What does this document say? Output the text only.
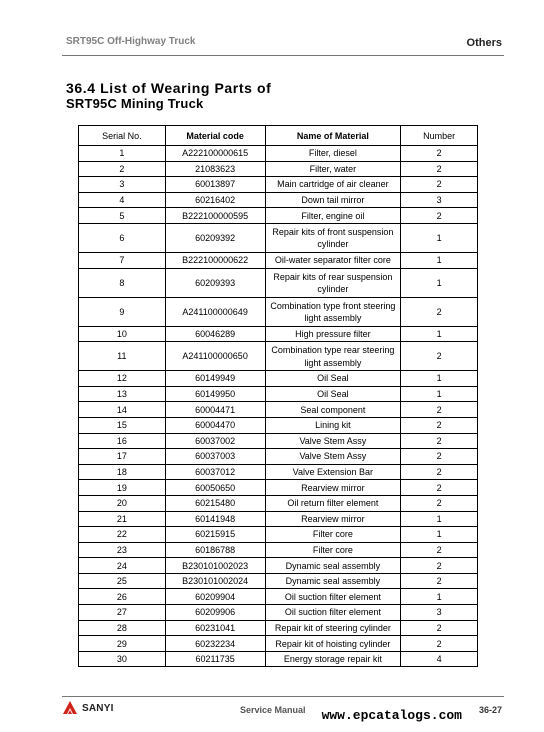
SRT95C Off-Highway Truck	Others
36.4 List of Wearing Parts of
SRT95C Mining Truck
Serial No.	Material code	Name of Material	Number
1	A222100000615	Filter, diesel	2
2	21083623	Filter, water	2
3	60013897	Main cartridge of air cleaner	2
4	60216402	Down tail mirror	3
5	B222100000595	Filter, engine oil	2
6	60209392	Repair kits of front suspension cylinder	1
7	B222100000622	Oil-water separator filter core	1
8	60209393	Repair kits of rear suspension cylinder	1
9	A241100000649	Combination type front steering light assembly	2
10	60046289	High pressure filter	1
11	A241100000650	Combination type rear steering light assembly	2
12	60149949	Oil Seal	1
13	60149950	Oil Seal	1
14	60004471	Seal component	2
15	60004470	Lining kit	2
16	60037002	Valve Stem Assy	2
17	60037003	Valve Stem Assy	2
18	60037012	Valve Extension Bar	2
19	60050650	Rearview mirror	2
20	60215480	Oil return filter element	2
21	60141948	Rearview mirror	1
22	60215915	Filter core	1
23	60186788	Filter core	2
24	B230101002023	Dynamic seal assembly	2
25	B230101002024	Dynamic seal assembly	2
26	60209904	Oil suction filter element	1
27	60209906	Oil suction filter element	3
28	60231041	Repair kit of steering cylinder	2
29	60232234	Repair kit of hoisting cylinder	2
30	60211735	Energy storage repair kit	4
SANYI	Service Manual	36-27
www.epcatalogs.com
